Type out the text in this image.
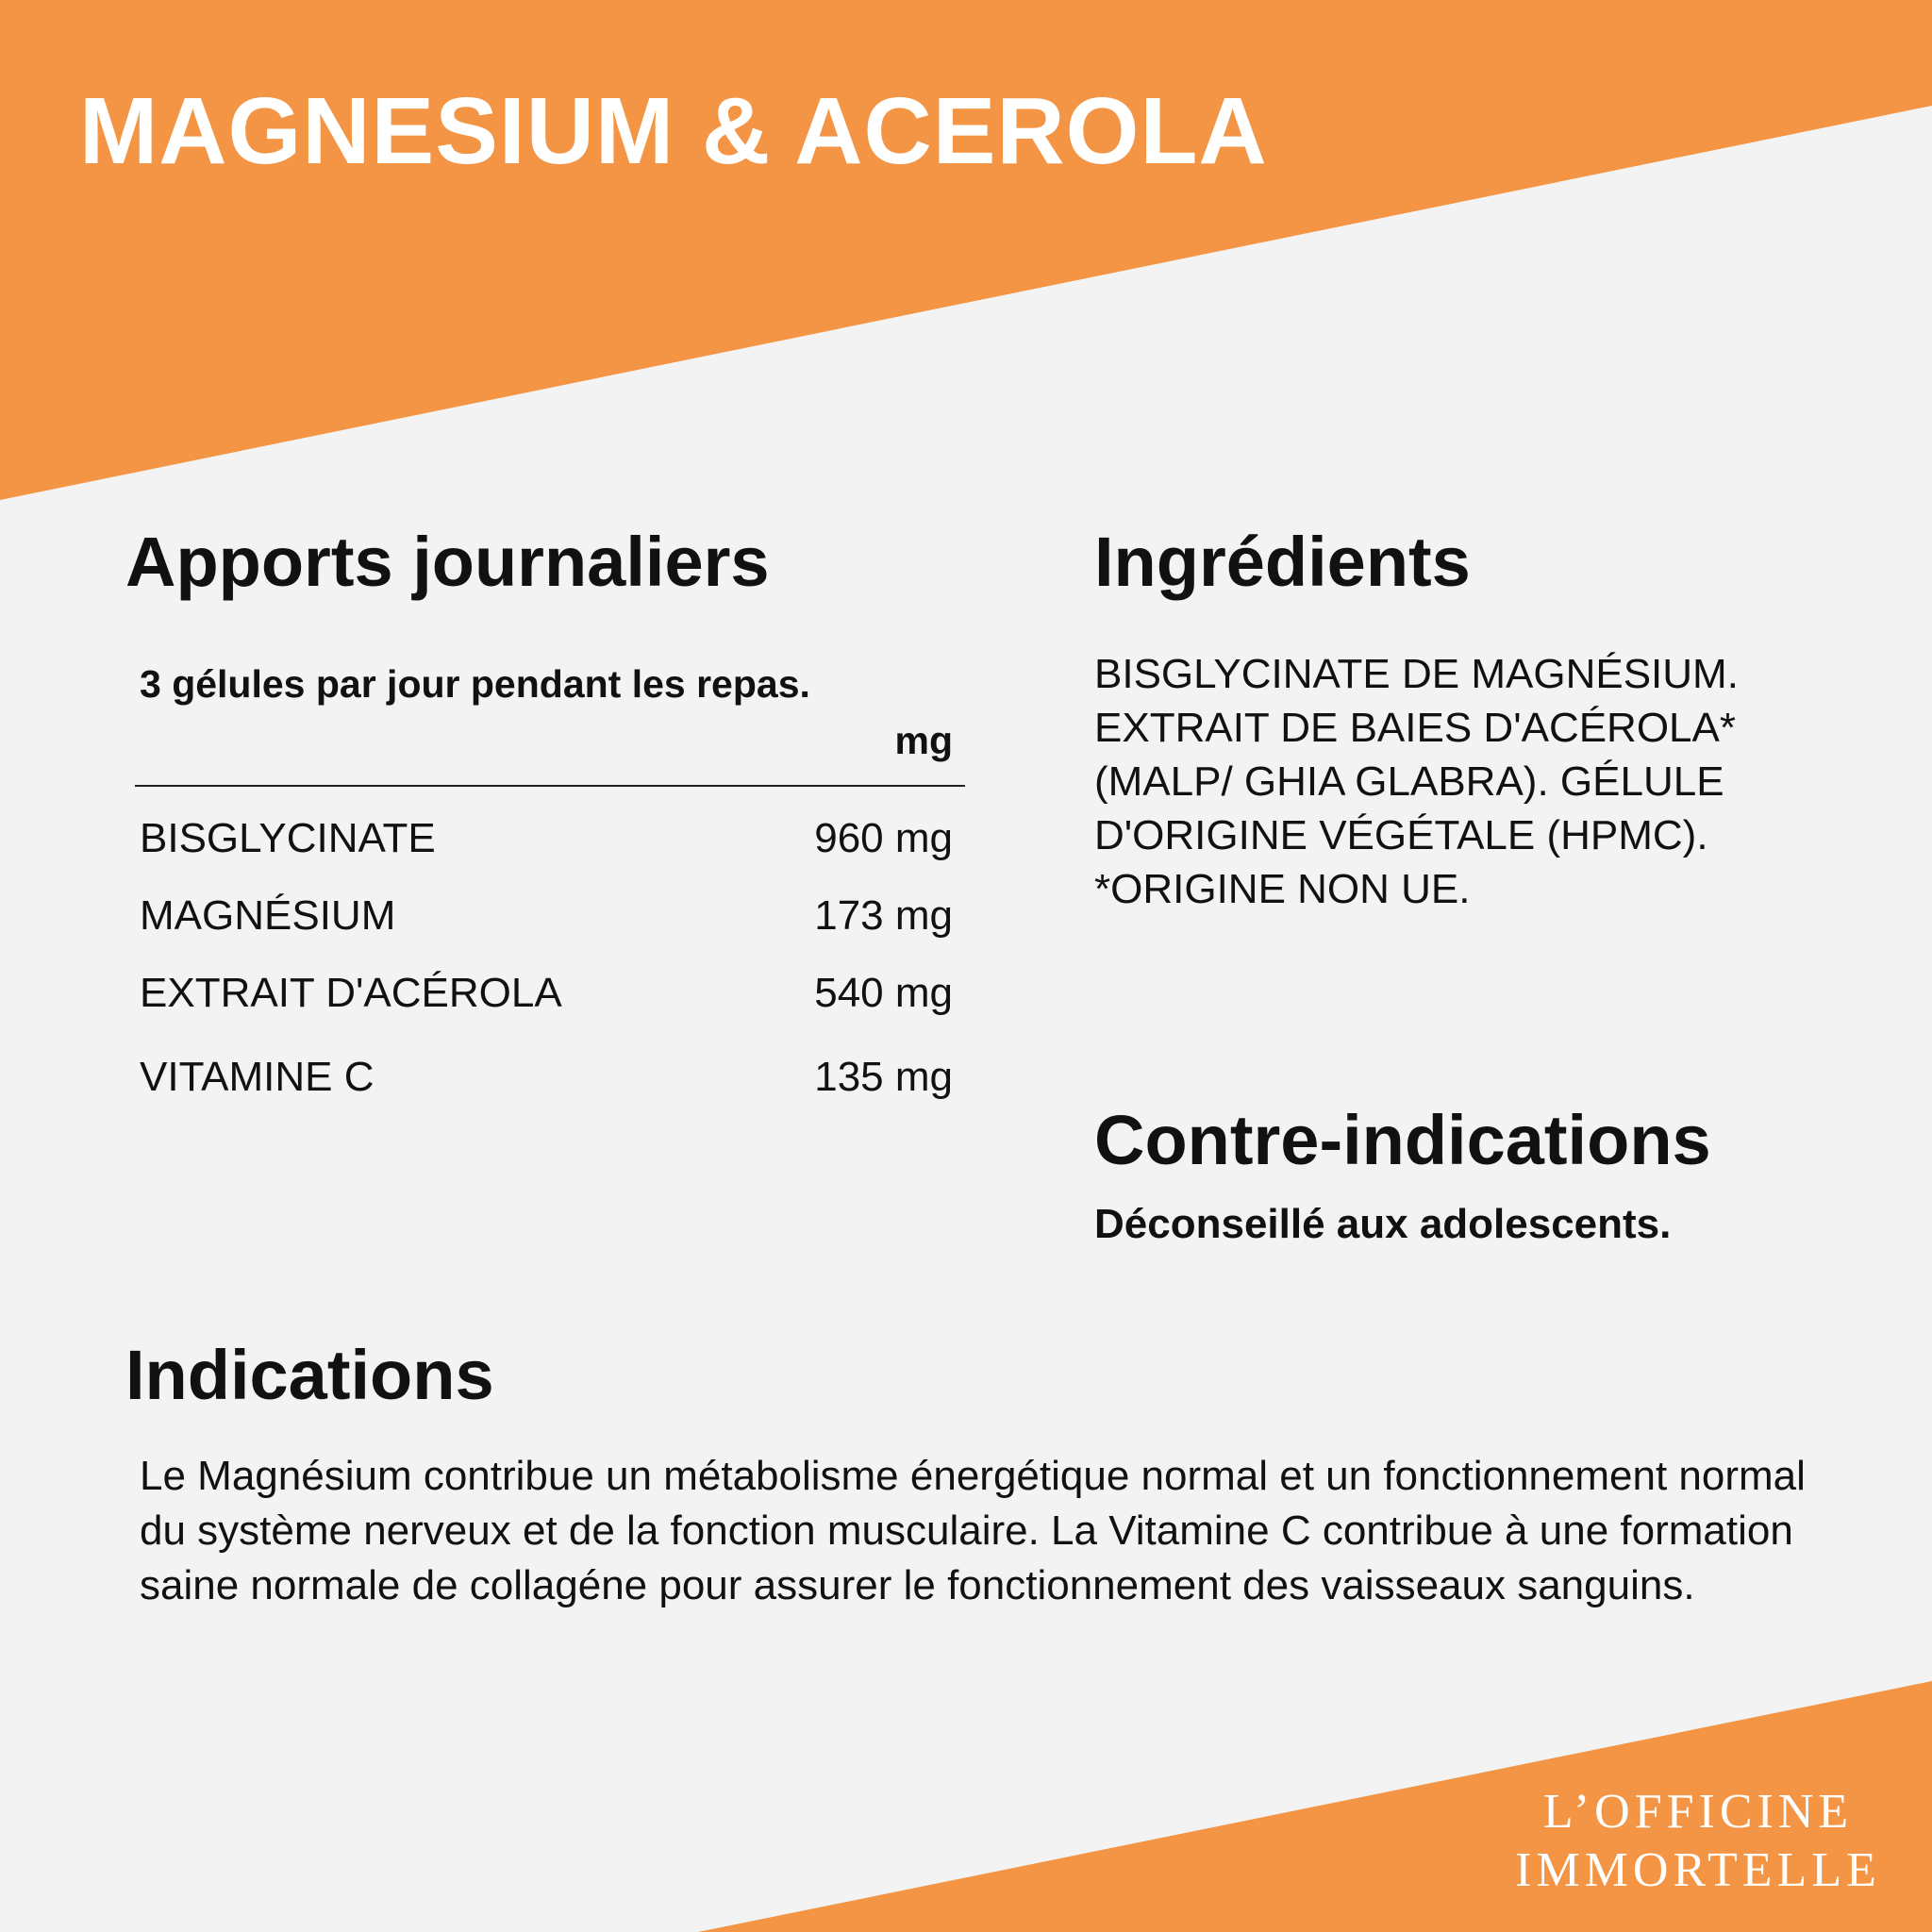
MAGNESIUM & ACEROLA
Apports journaliers
3 gélules par jour pendant les repas.
mg
BISGLYCINATE	960 mg
MAGNÉSIUM	173 mg
EXTRAIT D'ACÉROLA	540 mg
VITAMINE C	135 mg
Ingrédients
BISGLYCINATE DE MAGNÉSIUM. EXTRAIT DE BAIES D'ACÉROLA* (MALP/ GHIA GLABRA). GÉLULE D'ORIGINE VÉGÉTALE (HPMC). *ORIGINE NON UE.
Contre-indications
Déconseillé aux adolescents.
Indications
Le Magnésium contribue un métabolisme énergétique normal et un fonctionnement normal du système nerveux et de la fonction musculaire. La Vitamine C contribue à une formation saine normale de collagéne pour assurer le fonctionnement des vaisseaux sanguins.
L’OFFICINE
IMMORTELLE
